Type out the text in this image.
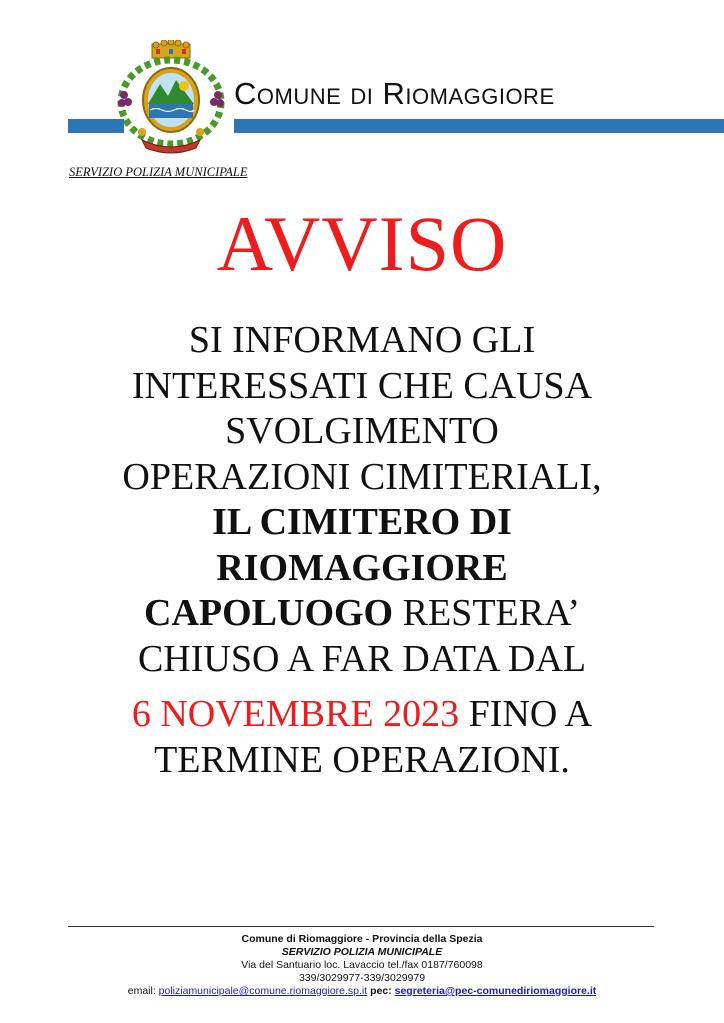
Comune di Riomaggiore
SERVIZIO POLIZIA MUNICIPALE
AVVISO
SI INFORMANO GLI
INTERESSATI CHE CAUSA
SVOLGIMENTO
OPERAZIONI CIMITERIALI,
IL CIMITERO DI
RIOMAGGIORE
CAPOLUOGO RESTERA’
CHIUSO A FAR DATA DAL
6 NOVEMBRE 2023 FINO A
TERMINE OPERAZIONI.
Comune di Riomaggiore - Provincia della Spezia
SERVIZIO POLIZIA MUNICIPALE
Via del Santuario loc. Lavaccio tel./fax 0187/760098
339/3029977-339/3029979
email: poliziamunicipale@comune.riomaggiore.sp.it pec: segreteria@pec-comunediriomaggiore.it
